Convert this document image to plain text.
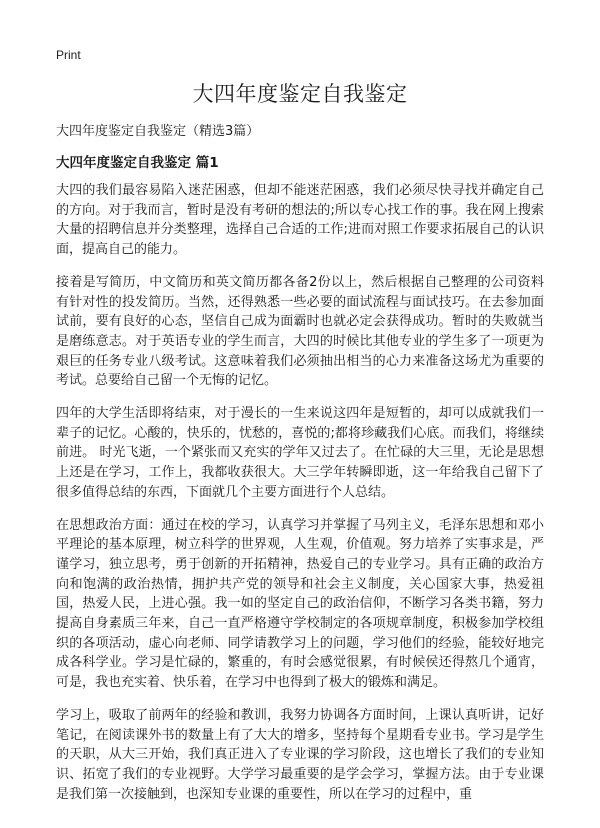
Print
大四年度鉴定自我鉴定
大四年度鉴定自我鉴定（精选3篇）
大四年度鉴定自我鉴定 篇1

大四的我们最容易陷入迷茫困惑，但却不能迷茫困惑，我们必须尽快寻找并确定自己的方向。对于我而言，暂时是没有考研的想法的;所以专心找工作的事。我在网上搜索大量的招聘信息并分类整理，选择自己合适的工作;进而对照工作要求拓展自己的认识面，提高自己的能力。

接着是写简历，中文简历和英文简历都各备2份以上，然后根据自己整理的公司资料有针对性的投发简历。当然，还得熟悉一些必要的面试流程与面试技巧。在去参加面试前，要有良好的心态，坚信自己成为面霸时也就必定会获得成功。暂时的失败就当是磨练意志。对于英语专业的学生而言，大四的时候比其他专业的学生多了一项更为艰巨的任务专业八级考试。这意味着我们必须抽出相当的心力来准备这场尤为重要的考试。总要给自己留一个无悔的记忆。

四年的大学生活即将结束，对于漫长的一生来说这四年是短暂的，却可以成就我们一辈子的记忆。心酸的，快乐的，忧愁的，喜悦的;都将珍藏我们心底。而我们，将继续前进。 时光飞逝，一个紧张而又充实的学年又过去了。在忙碌的大三里，无论是思想上还是在学习，工作上，我都收获很大。大三学年转瞬即逝，这一年给我自己留下了很多值得总结的东西，下面就几个主要方面进行个人总结。

在思想政治方面：通过在校的学习，认真学习并掌握了马列主义，毛泽东思想和邓小平理论的基本原理，树立科学的世界观，人生观，价值观。努力培养了实事求是，严谨学习，独立思考，勇于创新的开拓精神，热爱自己的专业学习。具有正确的政治方向和饱满的政治热情，拥护共产党的领导和社会主义制度，关心国家大事，热爱祖国，热爱人民，上进心强。我一如的坚定自己的政治信仰，不断学习各类书籍，努力提高自身素质三年来，自己一直严格遵守学校制定的各项规章制度，积极参加学校组织的各项活动，虚心向老师、同学请教学习上的问题，学习他们的经验，能较好地完成各科学业。学习是忙碌的，繁重的，有时会感觉很累，有时候侯还得熬几个通宵，可是，我也充实着、快乐着，在学习中也得到了极大的锻炼和满足。

学习上，吸取了前两年的经验和教训，我努力协调各方面时间，上课认真听讲，记好笔记，在阅读课外书的数量上有了大大的增多，坚持每个星期看专业书。学习是学生的天职，从大三开始，我们真正进入了专业课的学习阶段，这也增长了我们的专业知识、拓宽了我们的专业视野。大学学习最重要的是学会学习，掌握方法。由于专业课是我们第一次接触到，也深知专业课的重要性，所以在学习的过程中，重
